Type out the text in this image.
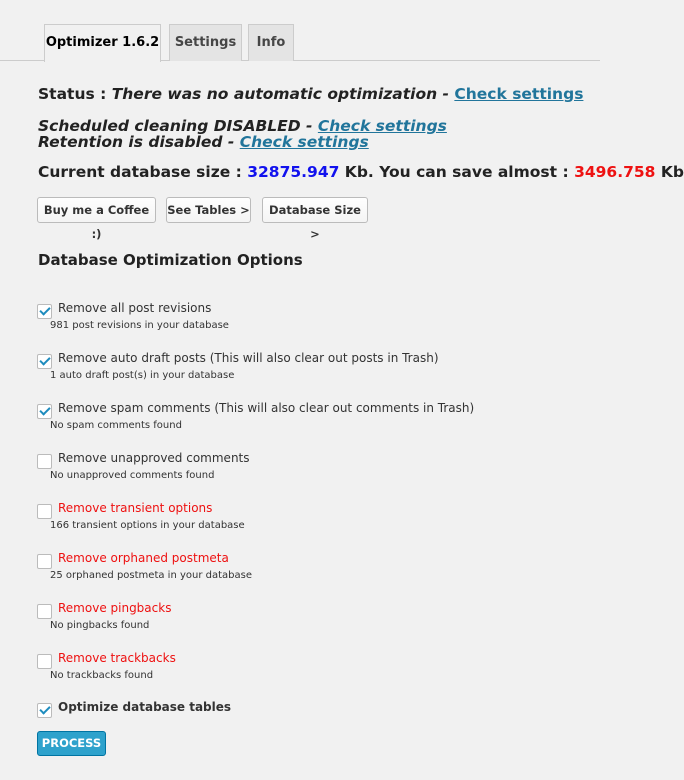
Optimizer 1.6.2	Settings	Info
Status : There was no automatic optimization - Check settings
Scheduled cleaning DISABLED - Check settings
Retention is disabled - Check settings
Current database size : 32875.947 Kb. You can save almost : 3496.758 Kb
Buy me a Coffee :)
See Tables >	Database Size >
Database Optimization Options
Remove all post revisions
981 post revisions in your database
Remove auto draft posts (This will also clear out posts in Trash)
1 auto draft post(s) in your database
Remove spam comments (This will also clear out comments in Trash)
No spam comments found
Remove unapproved comments
No unapproved comments found
Remove transient options
166 transient options in your database
Remove orphaned postmeta
25 orphaned postmeta in your database
Remove pingbacks
No pingbacks found
Remove trackbacks
No trackbacks found
Optimize database tables
PROCESS
